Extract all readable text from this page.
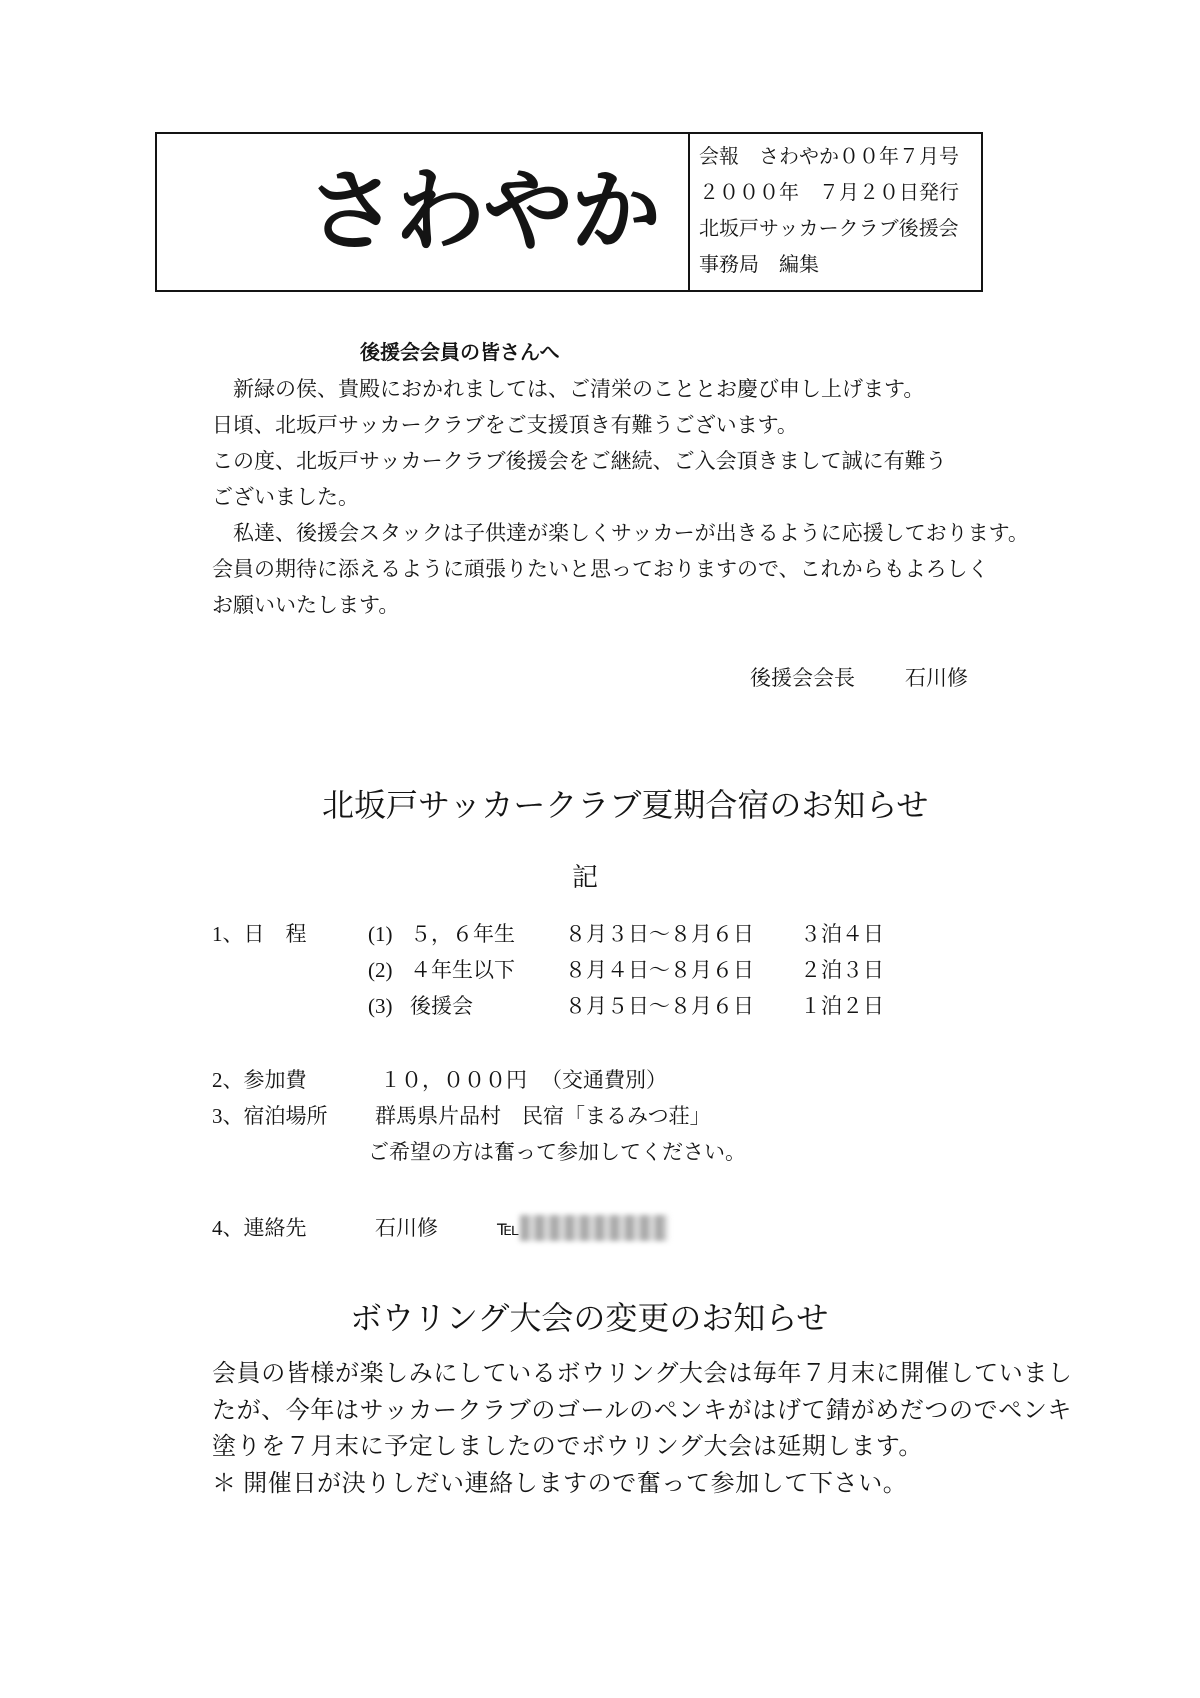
さわやか
会報　さわやか００年７月号
２０００年　７月２０日発行
北坂戸サッカークラブ後援会
事務局　編集
後援会会員の皆さんへ
新緑の侯、貴殿におかれましては、ご清栄のこととお慶び申し上げます。
日頃、北坂戸サッカークラブをご支援頂き有難うございます。
この度、北坂戸サッカークラブ後援会をご継続、ご入会頂きまして誠に有難う
ございました。
私達、後援会スタックは子供達が楽しくサッカーが出きるように応援しております。
会員の期待に添えるように頑張りたいと思っておりますので、これからもよろしく
お願いいたします。
後援会会長 石川修
北坂戸サッカークラブ夏期合宿のお知らせ
記
1、日　程	(1) ５，６年生 ８月３日～８月６日 ３泊４日
(2) ４年生以下 ８月４日～８月６日 ２泊３日
(3) 後援会	８月５日～８月６日 １泊２日
2、参加費	１０，０００円 （交通費別）
3、宿泊場所 群馬県片品村　民宿「まるみつ荘」
ご希望の方は奮って参加してください。
4、連絡先	石川修	℡
ボウリング大会の変更のお知らせ
会員の皆様が楽しみにしているボウリング大会は毎年７月末に開催していまし
たが、今年はサッカークラブのゴールのペンキがはげて錆がめだつのでペンキ
塗りを７月末に予定しましたのでボウリング大会は延期します。
＊ 開催日が決りしだい連絡しますので奮って参加して下さい。
